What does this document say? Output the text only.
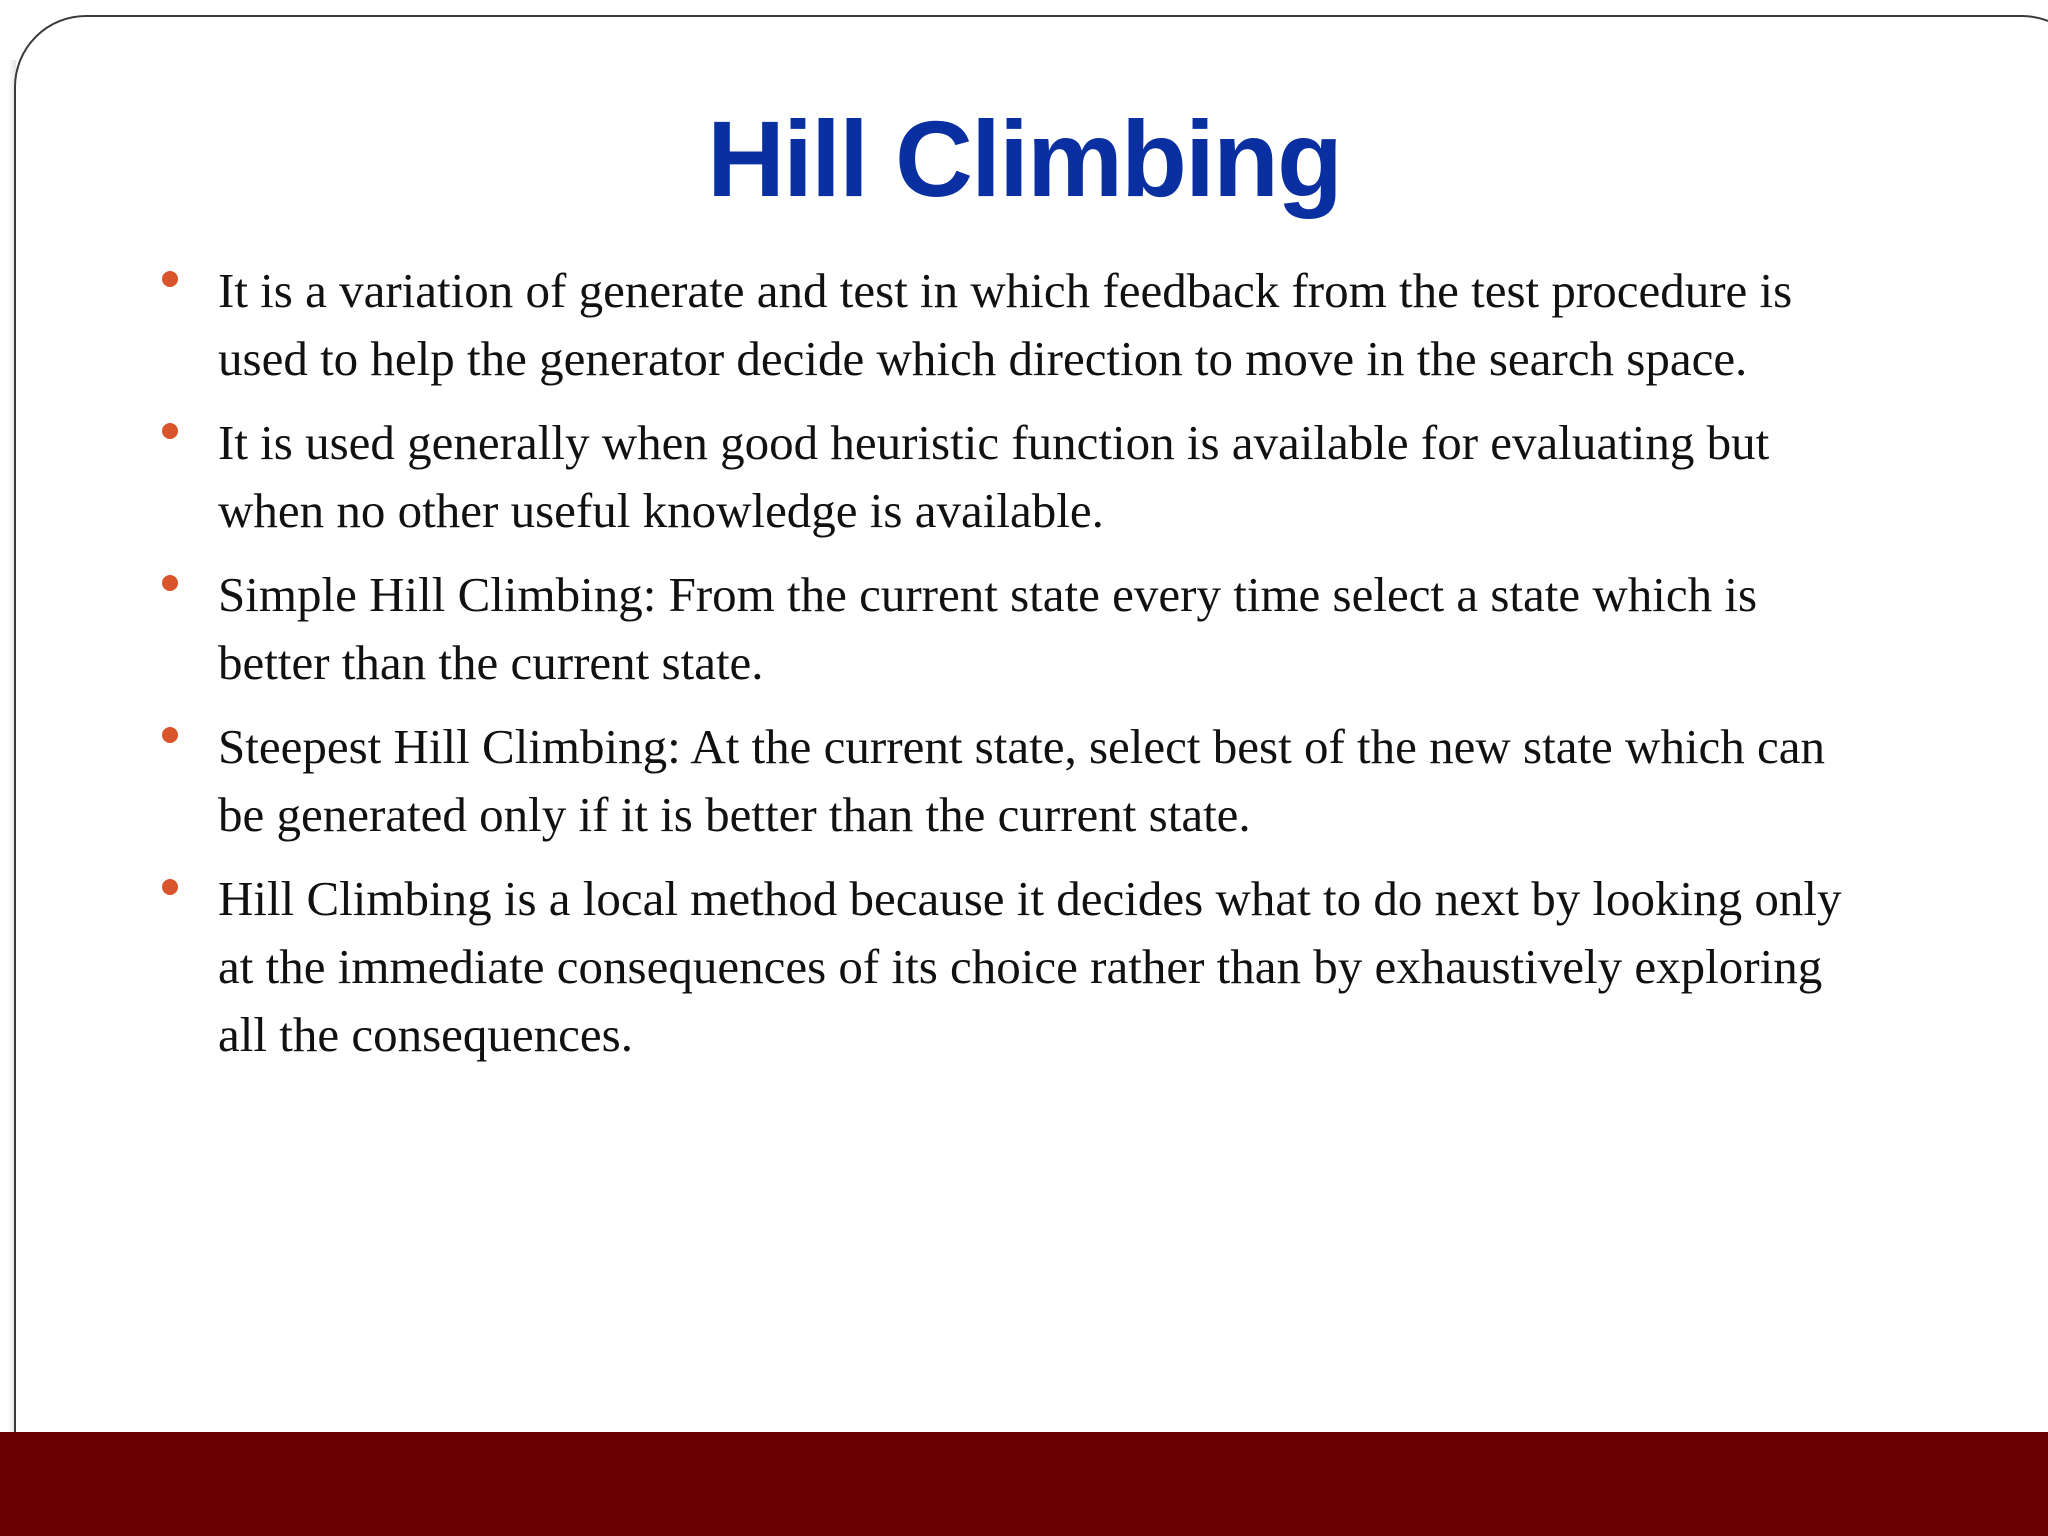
Hill Climbing
It is a variation of generate and test in which feedback from the test procedure is used to help the generator decide which direction to move in the search space.
It is used generally when good heuristic function is available for evaluating but when no other useful knowledge is available.
Simple Hill Climbing: From the current state every time select a state which is better than the current state.
Steepest Hill Climbing: At the current state, select best of the new state which can be generated only if it is better than the current state.
Hill Climbing is a local method because it decides what to do next by looking only at the immediate consequences of its choice rather than by exhaustively exploring all the consequences.
